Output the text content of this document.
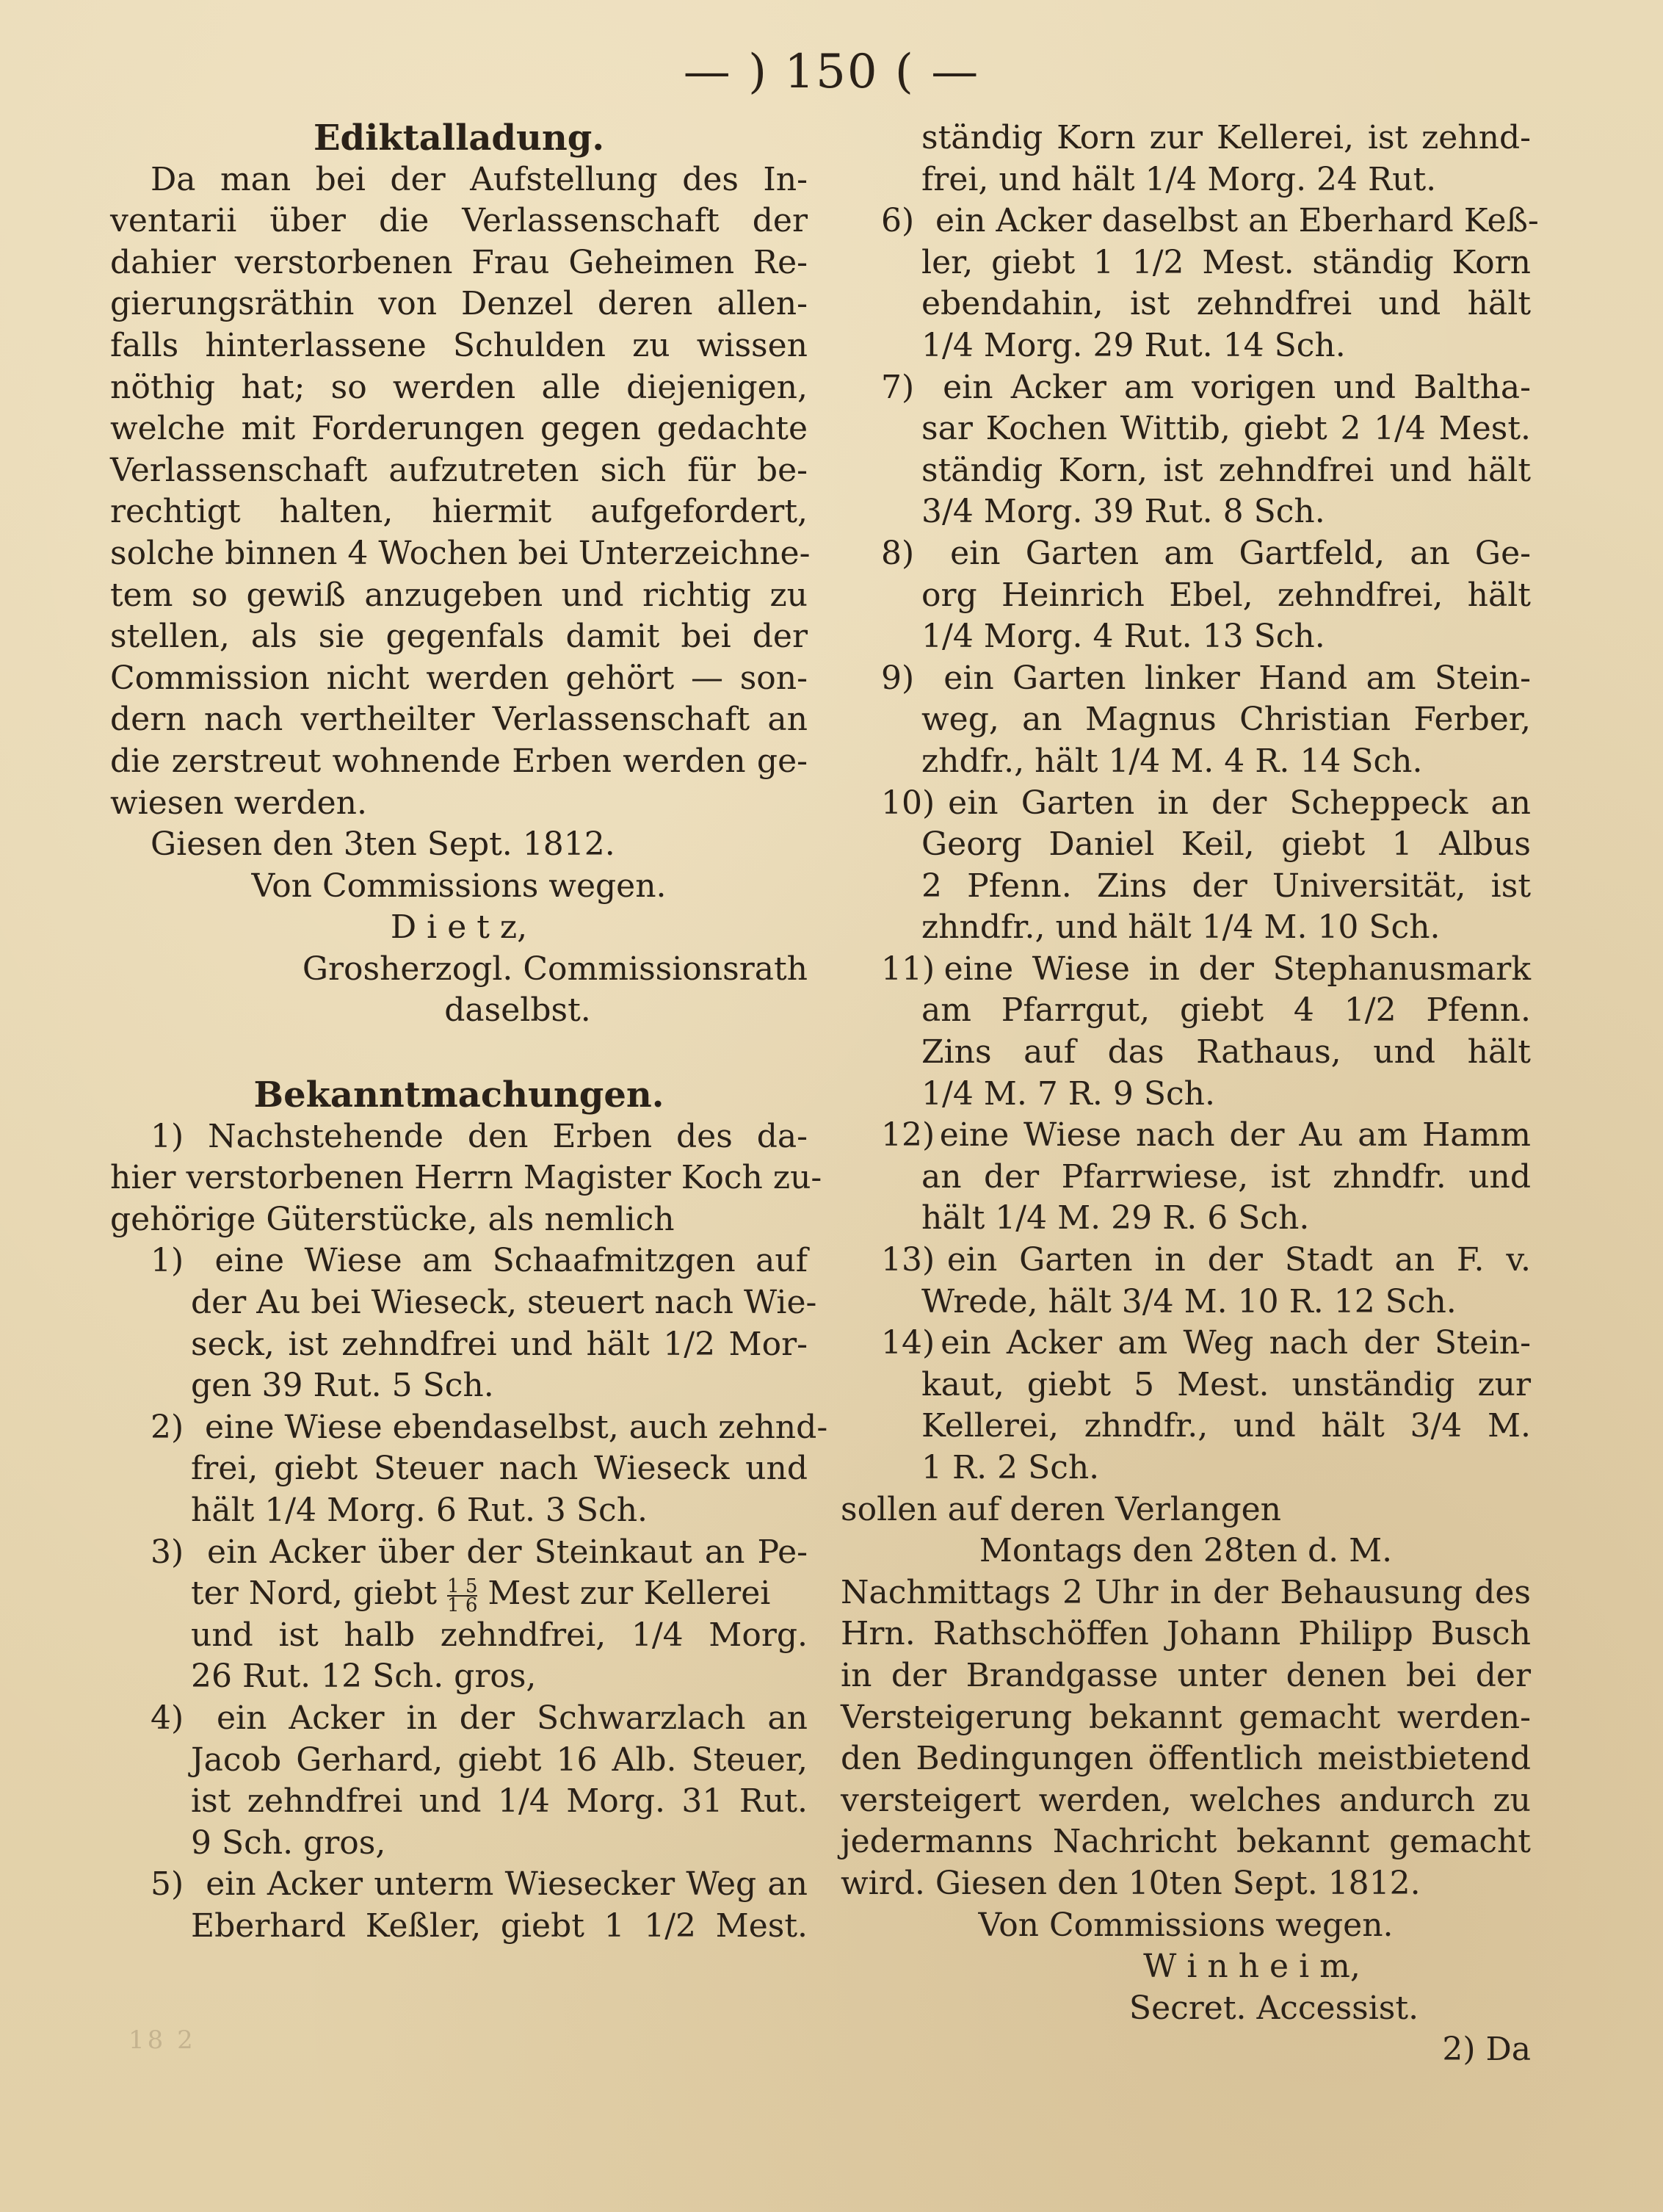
— ) 150 ( —
Ediktalladung.
Da man bei der Aufstellung des In-
ventarii über die Verlassenschaft der
dahier verstorbenen Frau Geheimen Re-
gierungsräthin von Denzel deren allen-
falls hinterlassene Schulden zu wissen
nöthig hat; so werden alle diejenigen,
welche mit Forderungen gegen gedachte
Verlassenschaft aufzutreten sich für be-
rechtigt halten, hiermit aufgefordert,
solche binnen 4 Wochen bei Unterzeichne-
tem so gewiß anzugeben und richtig zu
stellen, als sie gegenfals damit bei der
Commission nicht werden gehört — son-
dern nach vertheilter Verlassenschaft an
die zerstreut wohnende Erben werden ge-
wiesen werden.
Giesen den 3ten Sept. 1812.
Von Commissions wegen.
D i e t z,
Grosherzogl. Commissionsrath
daselbst.
Bekanntmachungen.
1) Nachstehende den Erben des da-
hier verstorbenen Herrn Magister Koch zu-
gehörige Güterstücke, als nemlich
1) eine Wiese am Schaafmitzgen auf
der Au bei Wieseck, steuert nach Wie-
seck, ist zehndfrei und hält 1/2 Mor-
gen 39 Rut. 5 Sch.
2) eine Wiese ebendaselbst, auch zehnd-
frei, giebt Steuer nach Wieseck und
hält 1/4 Morg. 6 Rut. 3 Sch.
3) ein Acker über der Steinkaut an Pe-
ter Nord, giebt $\frac{1 5}{1 6}$ Mest zur Kellerei
und ist halb zehndfrei, 1/4 Morg.
26 Rut. 12 Sch. gros,
4) ein Acker in der Schwarzlach an
Jacob Gerhard, giebt 16 Alb. Steuer,
ist zehndfrei und 1/4 Morg. 31 Rut.
9 Sch. gros,
5) ein Acker unterm Wiesecker Weg an
Eberhard Keßler, giebt 1 1/2 Mest.
ständig Korn zur Kellerei, ist zehnd-
frei, und hält 1/4 Morg. 24 Rut.
6) ein Acker daselbst an Eberhard Keß-
ler, giebt 1 1/2 Mest. ständig Korn
ebendahin, ist zehndfrei und hält
1/4 Morg. 29 Rut. 14 Sch.
7) ein Acker am vorigen und Baltha-
sar Kochen Wittib, giebt 2 1/4 Mest.
ständig Korn, ist zehndfrei und hält
3/4 Morg. 39 Rut. 8 Sch.
8) ein Garten am Gartfeld, an Ge-
org Heinrich Ebel, zehndfrei, hält
1/4 Morg. 4 Rut. 13 Sch.
9) ein Garten linker Hand am Stein-
weg, an Magnus Christian Ferber,
zhdfr., hält 1/4 M. 4 R. 14 Sch.
10) ein Garten in der Scheppeck an
Georg Daniel Keil, giebt 1 Albus
2 Pfenn. Zins der Universität, ist
zhndfr., und hält 1/4 M. 10 Sch.
11) eine Wiese in der Stephanusmark
am Pfarrgut, giebt 4 1/2 Pfenn.
Zins auf das Rathaus, und hält
1/4 M. 7 R. 9 Sch.
12) eine Wiese nach der Au am Hamm
an der Pfarrwiese, ist zhndfr. und
hält 1/4 M. 29 R. 6 Sch.
13) ein Garten in der Stadt an F. v.
Wrede, hält 3/4 M. 10 R. 12 Sch.
14) ein Acker am Weg nach der Stein-
kaut, giebt 5 Mest. unständig zur
Kellerei, zhndfr., und hält 3/4 M.
1 R. 2 Sch.
sollen auf deren Verlangen
Montags den 28ten d. M.
Nachmittags 2 Uhr in der Behausung des
Hrn. Rathschöffen Johann Philipp Busch
in der Brandgasse unter denen bei der
Versteigerung bekannt gemacht werden-
den Bedingungen öffentlich meistbietend
versteigert werden, welches andurch zu
jedermanns Nachricht bekannt gemacht
wird. Giesen den 10ten Sept. 1812.
Von Commissions wegen.
W i n h e i m,
Secret. Accessist.
2) Da
18 2
